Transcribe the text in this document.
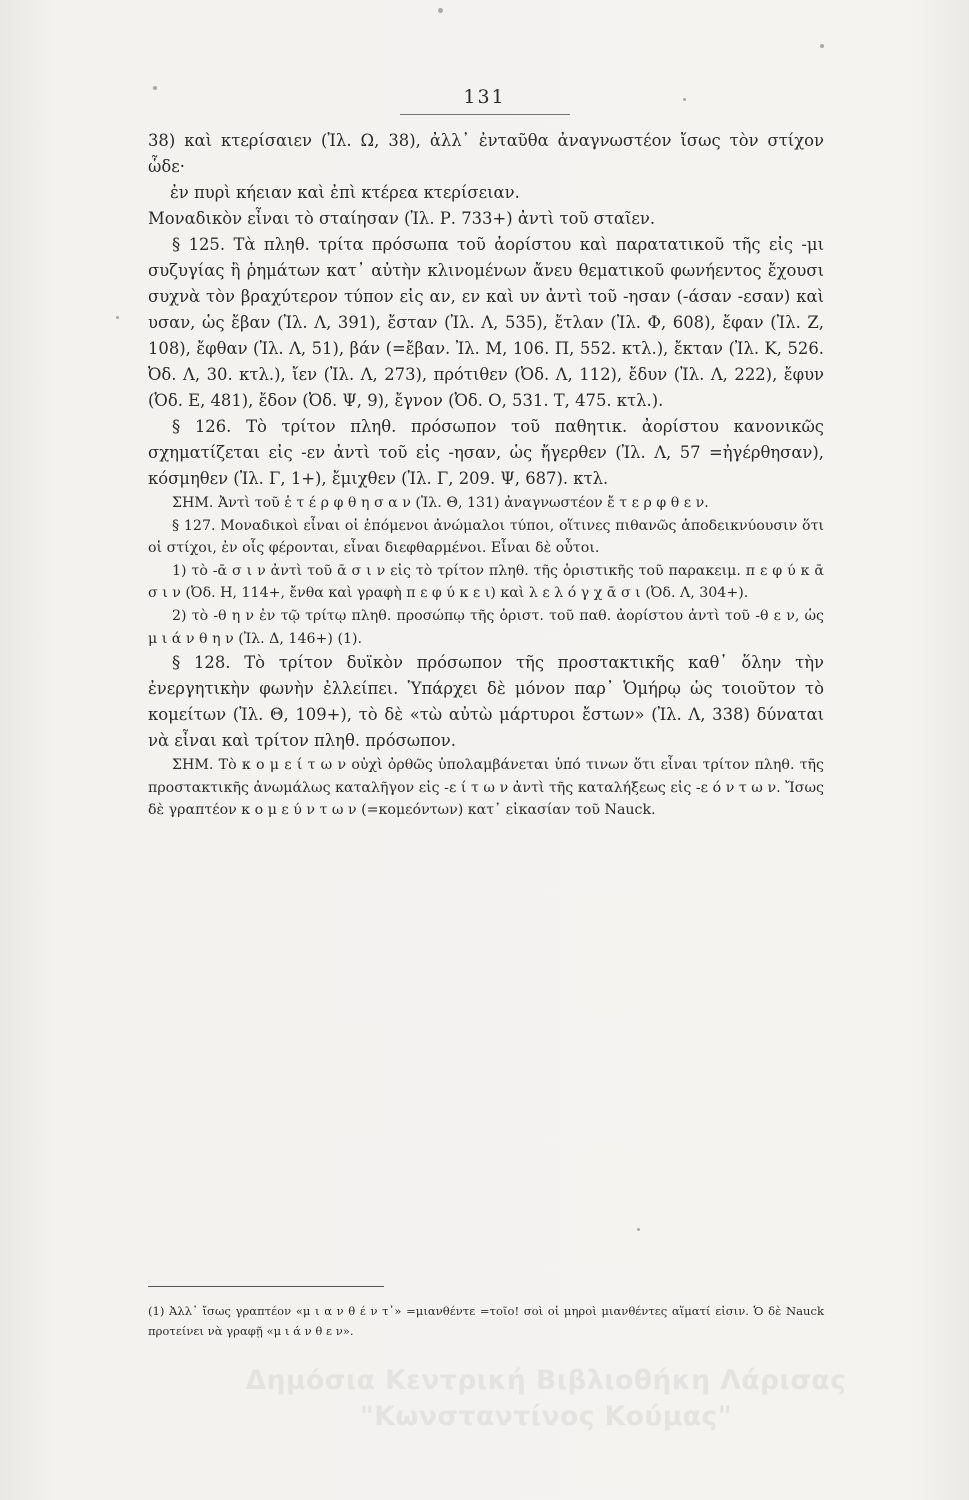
131

38) καὶ κτερίσαιεν (Ἰλ. Ω, 38), ἀλλ᾽ ἐνταῦθα ἀναγνωστέον ἴσως τὸν στίχον ὧδε·

ἐν πυρὶ κήειαν καὶ ἐπὶ κτέρεα κτερίσειαν.

Μοναδικὸν εἶναι τὸ σταίησαν (Ἰλ. Ρ. 733+) ἀντὶ τοῦ σταῖεν.

§ 125. Τὰ πληθ. τρίτα πρόσωπα τοῦ ἀορίστου καὶ παρατατικοῦ τῆς εἰς -μι συζυγίας ἢ ῥημάτων κατ᾽ αὐτὴν κλινομένων ἄνευ θεματικοῦ φωνήεντος ἔχουσι συχνὰ τὸν βραχύτερον τύπον εἰς αν, εν καὶ υν ἀντὶ τοῦ -ησαν (-άσαν -εσαν) καὶ υσαν, ὡς ἔβαν (Ἰλ. Λ, 391), ἔσταν (Ἰλ. Λ, 535), ἔτλαν (Ἰλ. Φ, 608), ἔφαν (Ἰλ. Ζ, 108), ἔφθαν (Ἰλ. Λ, 51), βάν (=ἔβαν. Ἰλ. Μ, 106. Π, 552. κτλ.), ἔκταν (Ἰλ. Κ, 526. Ὀδ. Λ, 30. κτλ.), ἴεν (Ἰλ. Λ, 273), πρότιθεν (Ὀδ. Λ, 112), ἔδυν (Ἰλ. Λ, 222), ἔφυν (Ὀδ. Ε, 481), ἔδον (Ὀδ. Ψ, 9), ἔγνον (Ὀδ. Ο, 531. Τ, 475. κτλ.).

§ 126. Τὸ τρίτον πληθ. πρόσωπον τοῦ παθητικ. ἀορίστου κανονικῶς σχηματίζεται εἰς -εν ἀντὶ τοῦ εἰς -ησαν, ὡς ἤγερθεν (Ἰλ. Λ, 57 =ἠγέρθησαν), κόσμηθεν (Ἰλ. Γ, 1+), ἔμιχθεν (Ἰλ. Γ, 209. Ψ, 687). κτλ.

ΣΗΜ. Ἀντὶ τοῦ ἑ τ έ ρ φ θ η σ α ν (Ἰλ. Θ, 131) ἀναγνωστέον ἔ τ ε ρ φ θ ε ν.

§ 127. Μοναδικοὶ εἶναι οἱ ἑπόμενοι ἀνώμαλοι τύποι, οἵτινες πιθανῶς ἀποδεικνύουσιν ὅτι οἱ στίχοι, ἐν οἷς φέρονται, εἶναι διεφθαρμένοι. Εἶναι δὲ οὗτοι.

1) τὸ -ᾱ σ ι ν ἀντὶ τοῦ ᾱ σ ι ν εἰς τὸ τρίτον πληθ. τῆς ὁριστικῆς τοῦ παρακειμ. π ε φ ύ κ ᾱ σ ι ν (Ὀδ. Η, 114+, ἔνθα καὶ γραφὴ π ε φ ύ κ ε ι) καὶ λ ε λ ό γ χ ᾱ σ ι (Ὀδ. Λ, 304+).

2) τὸ -θ η ν ἐν τῷ τρίτῳ πληθ. προσώπῳ τῆς ὁριστ. τοῦ παθ. ἀορίστου ἀντὶ τοῦ -θ ε ν, ὡς μ ι ά ν θ η ν (Ἰλ. Δ, 146+) (1).

§ 128. Τὸ τρίτον δυϊκὸν πρόσωπον τῆς προστακτικῆς καθ᾽ ὅλην τὴν ἐνεργητικὴν φωνὴν ἐλλείπει. Ὑπάρχει δὲ μόνον παρ᾽ Ὁμήρῳ ὡς τοιοῦτον τὸ κομείτων (Ἰλ. Θ, 109+), τὸ δὲ «τὼ αὐτὼ μάρτυροι ἔστων» (Ἰλ. Λ, 338) δύναται νὰ εἶναι καὶ τρίτον πληθ. πρόσωπον.

ΣΗΜ. Τὸ κ ο μ ε ί τ ω ν οὐχὶ ὀρθῶς ὑπολαμβάνεται ὑπό τινων ὅτι εἶναι τρίτον πληθ. τῆς προστακτικῆς ἀνωμάλως καταλῆγον εἰς -ε ί τ ω ν ἀντὶ τῆς καταλήξεως εἰς -ε ό ν τ ω ν. Ἴσως δὲ γραπτέον κ ο μ ε ύ ν τ ω ν (=κομεόντων) κατ᾽ εἰκασίαν τοῦ Nauck.

(1) Ἀλλ᾽ ἴσως γραπτέον «μ ι α ν θ έ ν τ᾽» =μιανθέντε =τοῖο! σοὶ οἱ μηροὶ μιανθέντες αἵματί εἰσιν. Ὁ δὲ Nauck προτείνει νὰ γραφῇ «μ ι ά ν θ ε ν».
Δημόσια Κεντρική Βιβλιοθήκη Λάρισας
"Κωνσταντίνος Κούμας"
